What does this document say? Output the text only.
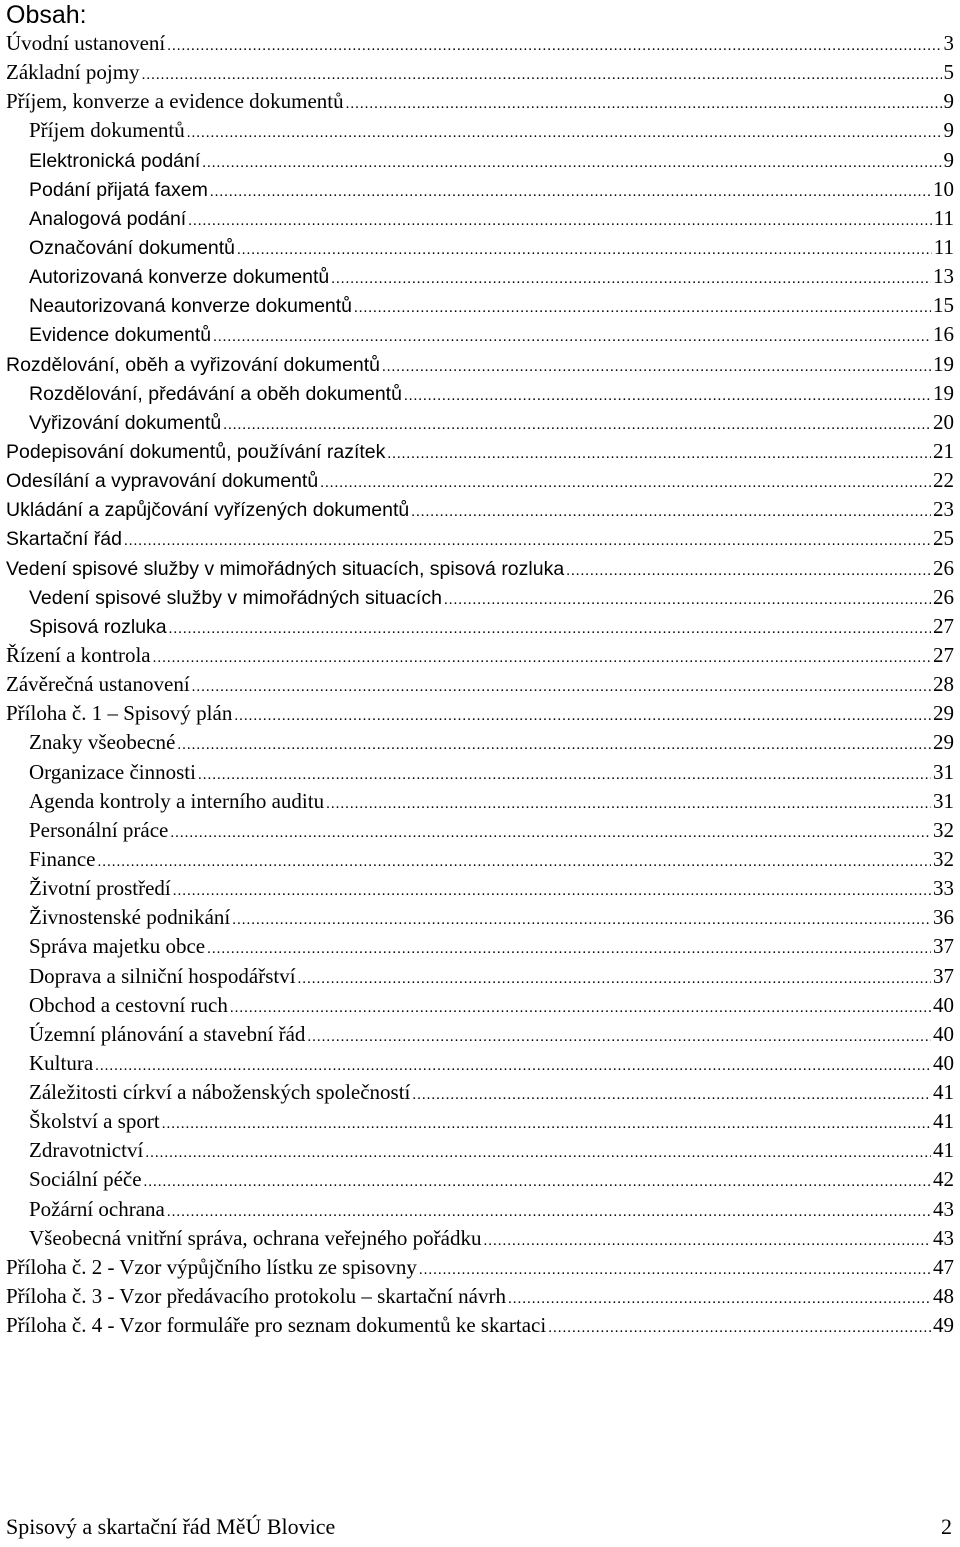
Obsah:
Úvodní ustanovení .....	3
Základní pojmy .....	5
Příjem, konverze a evidence dokumentů .....	9
Příjem dokumentů .....	9
Elektronická podání .....	9
Podání přijatá faxem .....	10
Analogová podání .....	11
Označování dokumentů .....	11
Autorizovaná konverze dokumentů .....	13
Neautorizovaná konverze dokumentů .....	15
Evidence dokumentů .....	16
Rozdělování, oběh a vyřizování dokumentů .....	19
Rozdělování, předávání a oběh dokumentů .....	19
Vyřizování dokumentů .....	20
Podepisování dokumentů, používání razítek .....	21
Odesílání a vypravování dokumentů .....	22
Ukládání a zapůjčování vyřízených dokumentů .....	23
Skartační řád .....	25
Vedení spisové služby v mimořádných situacích, spisová rozluka .....	26
Vedení spisové služby v mimořádných situacích .....	26
Spisová rozluka .....	27
Řízení a kontrola .....	27
Závěrečná ustanovení .....	28
Příloha č. 1 – Spisový plán .....	29
Znaky všeobecné .....	29
Organizace činnosti .....	31
Agenda kontroly a interního auditu .....	31
Personální práce .....	32
Finance .....	32
Životní prostředí .....	33
Živnostenské podnikání .....	36
Správa majetku obce .....	37
Doprava a silniční hospodářství .....	37
Obchod a cestovní ruch .....	40
Územní plánování a stavební řád .....	40
Kultura .....	40
Záležitosti církví a náboženských společností .....	41
Školství a sport .....	41
Zdravotnictví .....	41
Sociální péče .....	42
Požární ochrana .....	43
Všeobecná vnitřní správa, ochrana veřejného pořádku .....	43
Příloha č. 2 - Vzor výpůjčního lístku ze spisovny .....	47
Příloha č. 3 - Vzor předávacího protokolu – skartační návrh .....	48
Příloha č. 4 - Vzor formuláře pro seznam dokumentů ke skartaci .....	49
Spisový a skartační řád MěÚ Blovice	2
